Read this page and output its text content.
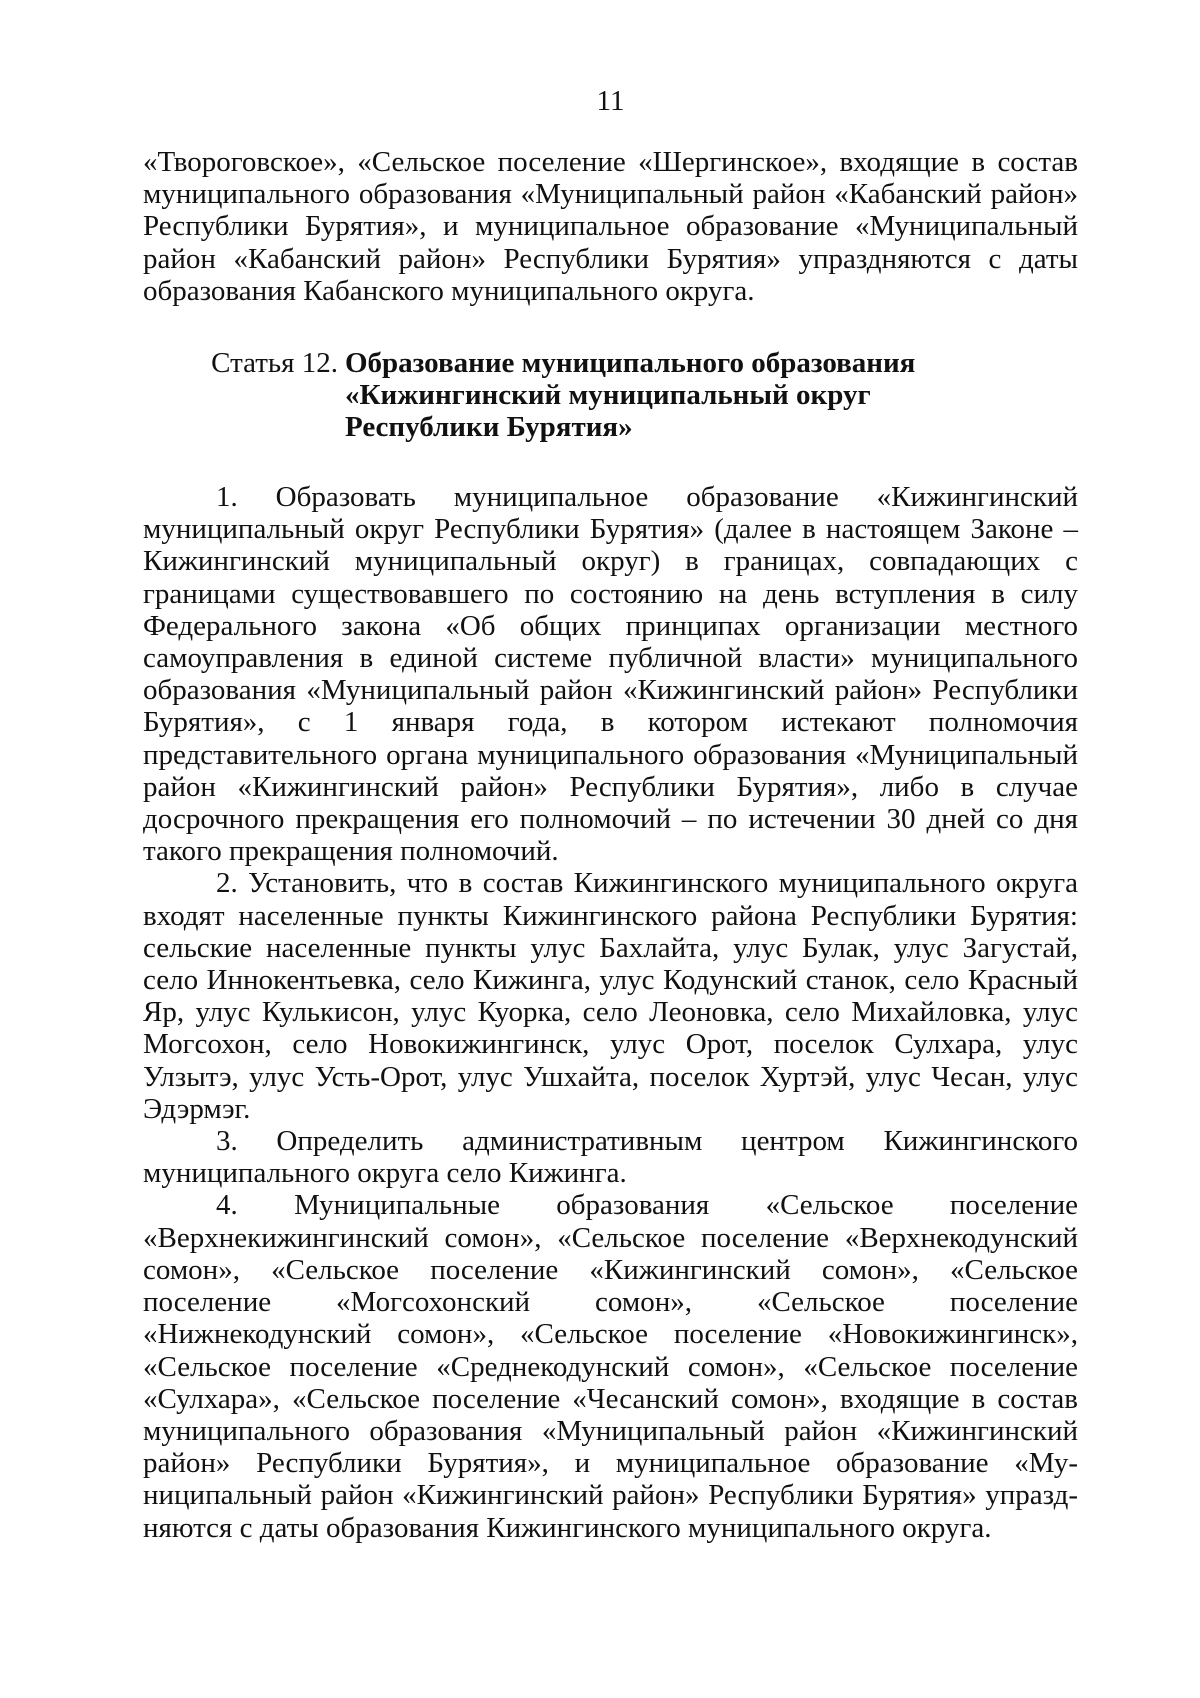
11

«Твороговское», «Сельское поселение «Шергинское», входящие в состав муниципального образования «Муниципальный район «Кабанский район» Республики Бурятия», и муниципальное образование «Муниципальный район «Кабанский район» Республики Бурятия» упраздняются с даты образования Кабанского муниципального округа.

Статья 12. Образование муниципального образования
«Кижингинский муниципальный округ
Республики Бурятия»

1. Образовать муниципальное образование «Кижингинский муниципальный округ Республики Бурятия» (далее в настоящем Законе – Кижингинский муниципальный округ) в границах, совпадающих с границами существовавшего по состоянию на день вступления в силу Федерального закона «Об общих принципах организации местного самоуправления в единой системе публичной власти» муниципального образования «Муниципальный район «Кижингинский район» Республики Бурятия», с 1 января года, в котором истекают полномочия представительного органа муниципального образования «Муниципальный район «Кижингинский район» Республики Бурятия», либо в случае досрочного прекращения его полномочий – по истечении 30 дней со дня такого прекращения полномочий.

2. Установить, что в состав Кижингинского муниципального округа входят населенные пункты Кижингинского района Республики Бурятия: сельские населенные пункты улус Бахлайта, улус Булак, улус Загустай, село Иннокентьевка, село Кижинга, улус Кодунский станок, село Красный Яр, улус Кулькисон, улус Куорка, село Леоновка, село Михайловка, улус Могсохон, село Новокижингинск, улус Орот, поселок Сулхара, улус Улзытэ, улус Усть-Орот, улус Ушхайта, поселок Хуртэй, улус Чесан, улус Эдэрмэг.

3. Определить административным центром Кижингинского муниципального округа село Кижинга.

4. Муниципальные образования «Сельское поселение «Верхнекижингинский сомон», «Сельское поселение «Верхнекодунский сомон», «Сельское поселение «Кижингинский сомон», «Сельское поселение «Могсохонский сомон», «Сельское поселение «Нижнекодунский сомон», «Сельское поселение «Новокижингинск», «Сельское поселение «Среднекодунский сомон», «Сельское поселение «Сулхара», «Сельское поселение «Чесанский сомон», входящие в состав муниципального образования «Муниципальный район «Кижингинский район» Республики Бурятия», и муниципальное образование «Муниципальный район «Кижингинский район» Республики Бурятия» упраздняются с даты образования Кижингинского муниципального округа.
